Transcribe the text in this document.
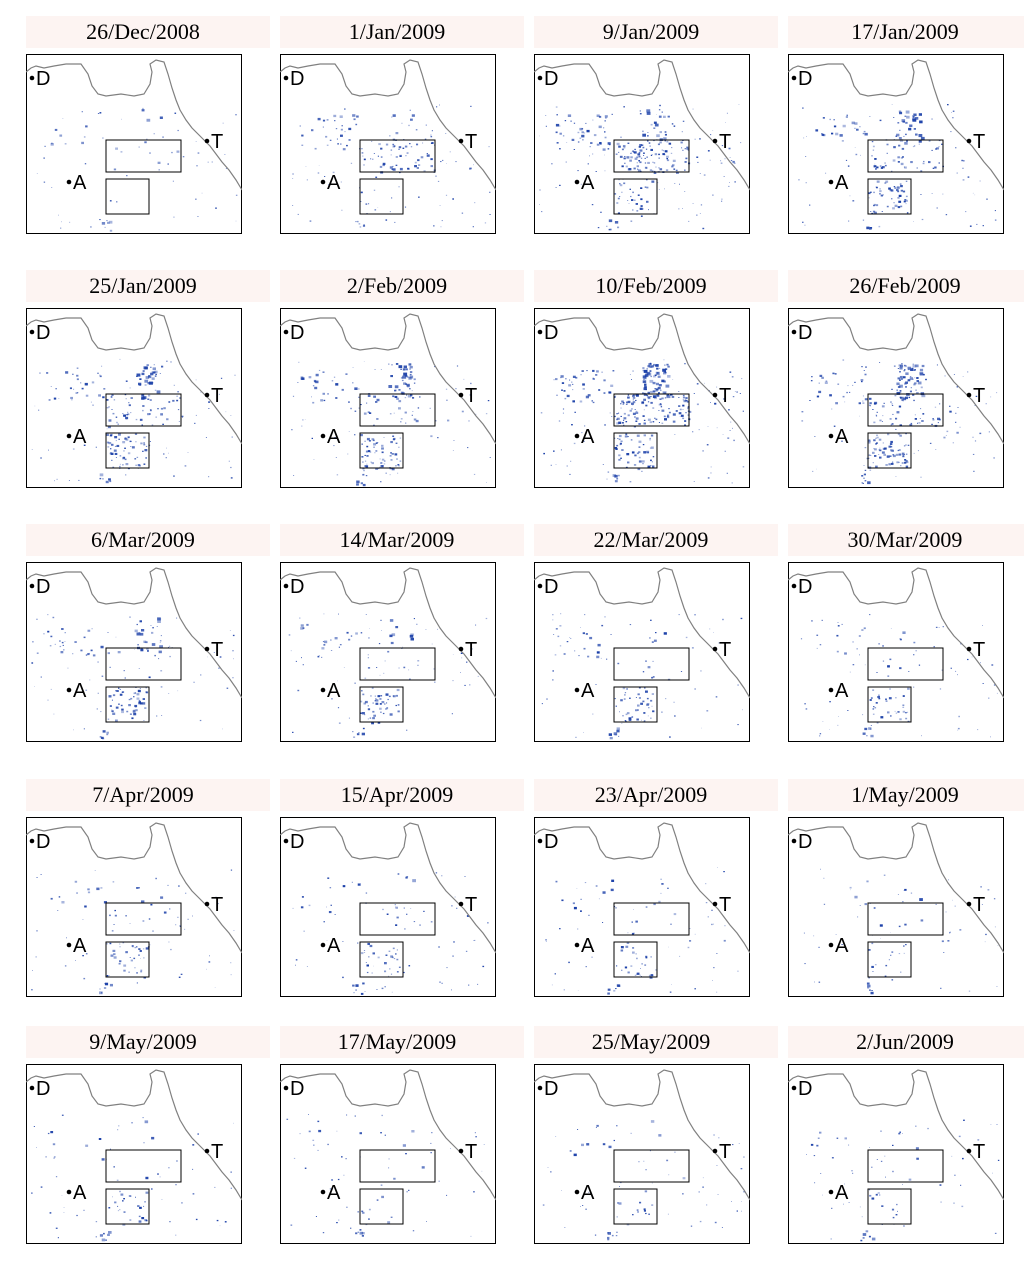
26/Dec/2008
D
T
A
1/Jan/2009
D
T
A
9/Jan/2009
D
T
A
17/Jan/2009
D
T
A
25/Jan/2009
D
T
A
2/Feb/2009
D
T
A
10/Feb/2009
D
T
A
26/Feb/2009
D
T
A
6/Mar/2009
D
T
A
14/Mar/2009
D
T
A
22/Mar/2009
D
T
A
30/Mar/2009
D
T
A
7/Apr/2009
D
T
A
15/Apr/2009
D
T
A
23/Apr/2009
D
T
A
1/May/2009
D
T
A
9/May/2009
D
T
A
17/May/2009
D
T
A
25/May/2009
D
T
A
2/Jun/2009
D
T
A
